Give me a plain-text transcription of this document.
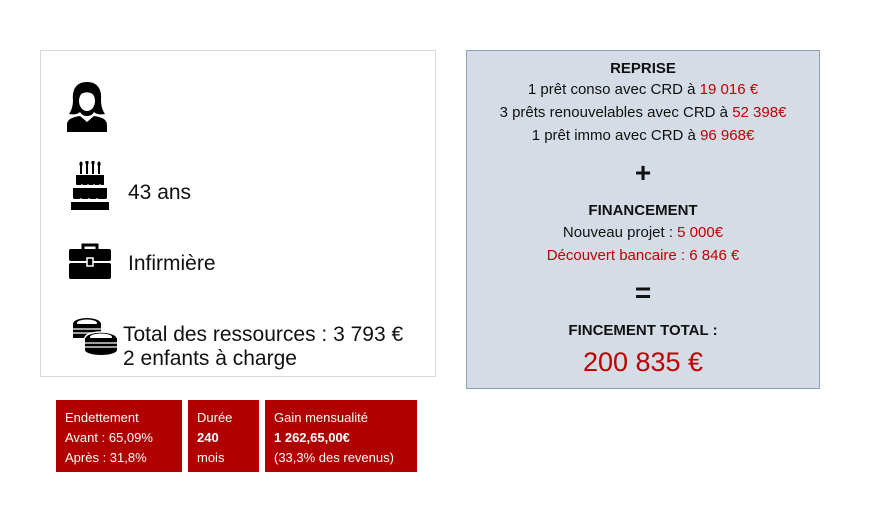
43 ans
Infirmière
Total des ressources : 3 793 €
2 enfants à charge
REPRISE
1 prêt conso avec CRD à 19 016 €
3 prêts renouvelables avec CRD à 52 398€
1 prêt immo avec CRD à 96 968€
+
FINANCEMENT
Nouveau projet : 5 000€
Découvert bancaire : 6 846 €
=
FINCEMENT TOTAL :
200 835 €
Endettement
Avant : 65,09%
Après : 31,8%
Durée
240
mois
Gain mensualité
1 262,65,00€
(33,3% des revenus)
